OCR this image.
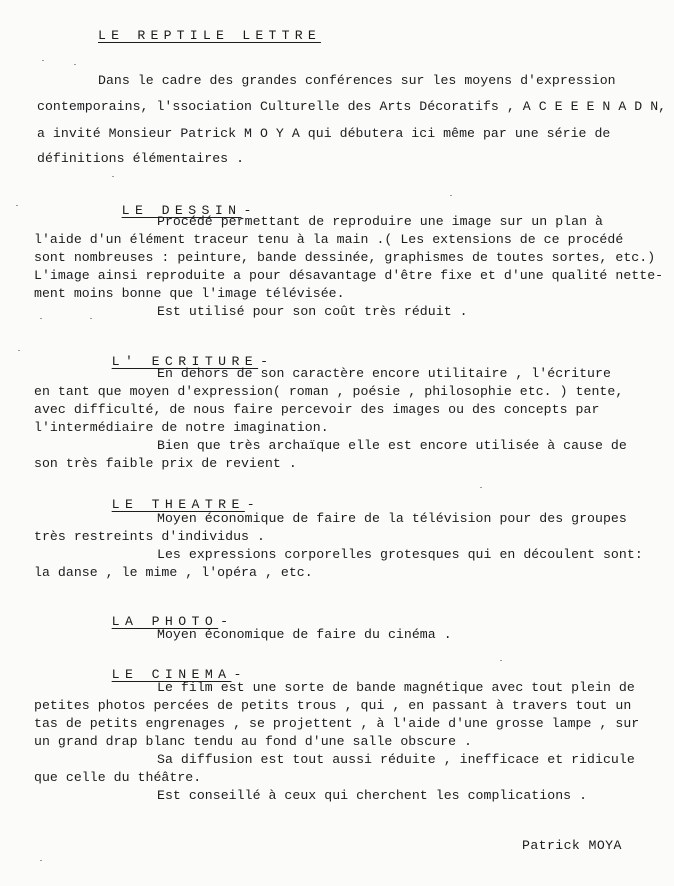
LE REPTILE LETTRE
Dans le cadre des grandes conférences sur les moyens d'expression
contemporains, l'ssociation Culturelle des Arts Décoratifs , A C E E E N A D N,
a invité Monsieur Patrick M O Y A qui débutera ici même par une série de
définitions élémentaires .

LE DESSIN -

Procédé permettant de reproduire une image sur un plan à
l'aide d'un élément traceur tenu à la main .( Les extensions de ce procédé
sont nombreuses : peinture, bande dessinée, graphismes de toutes sortes, etc.)
L'image ainsi reproduite a pour désavantage d'être fixe et d'une qualité nette-
ment moins bonne que l'image télévisée.
Est utilisé pour son coût très réduit .

L' ECRITURE -

En dehors de son caractère encore utilitaire , l'écriture
en tant que moyen d'expression( roman , poésie , philosophie etc. ) tente,
avec difficulté, de nous faire percevoir des images ou des concepts par
l'intermédiaire de notre imagination.
Bien que très archaïque elle est encore utilisée à cause de
son très faible prix de revient .

LE THEATRE -

Moyen économique de faire de la télévision pour des groupes
très restreints d'individus .
Les expressions corporelles grotesques qui en découlent sont:
la danse , le mime , l'opéra , etc.

LA PHOTO -

Moyen économique de faire du cinéma .

LE CINEMA -

Le film est une sorte de bande magnétique avec tout plein de
petites photos percées de petits trous , qui , en passant à travers tout un
tas de petits engrenages , se projettent , à l'aide d'une grosse lampe , sur
un grand drap blanc tendu au fond d'une salle obscure .
Sa diffusion est tout aussi réduite , inefficace et ridicule
que celle du théâtre.
Est conseillé à ceux qui cherchent les complications .
Patrick MOYA
